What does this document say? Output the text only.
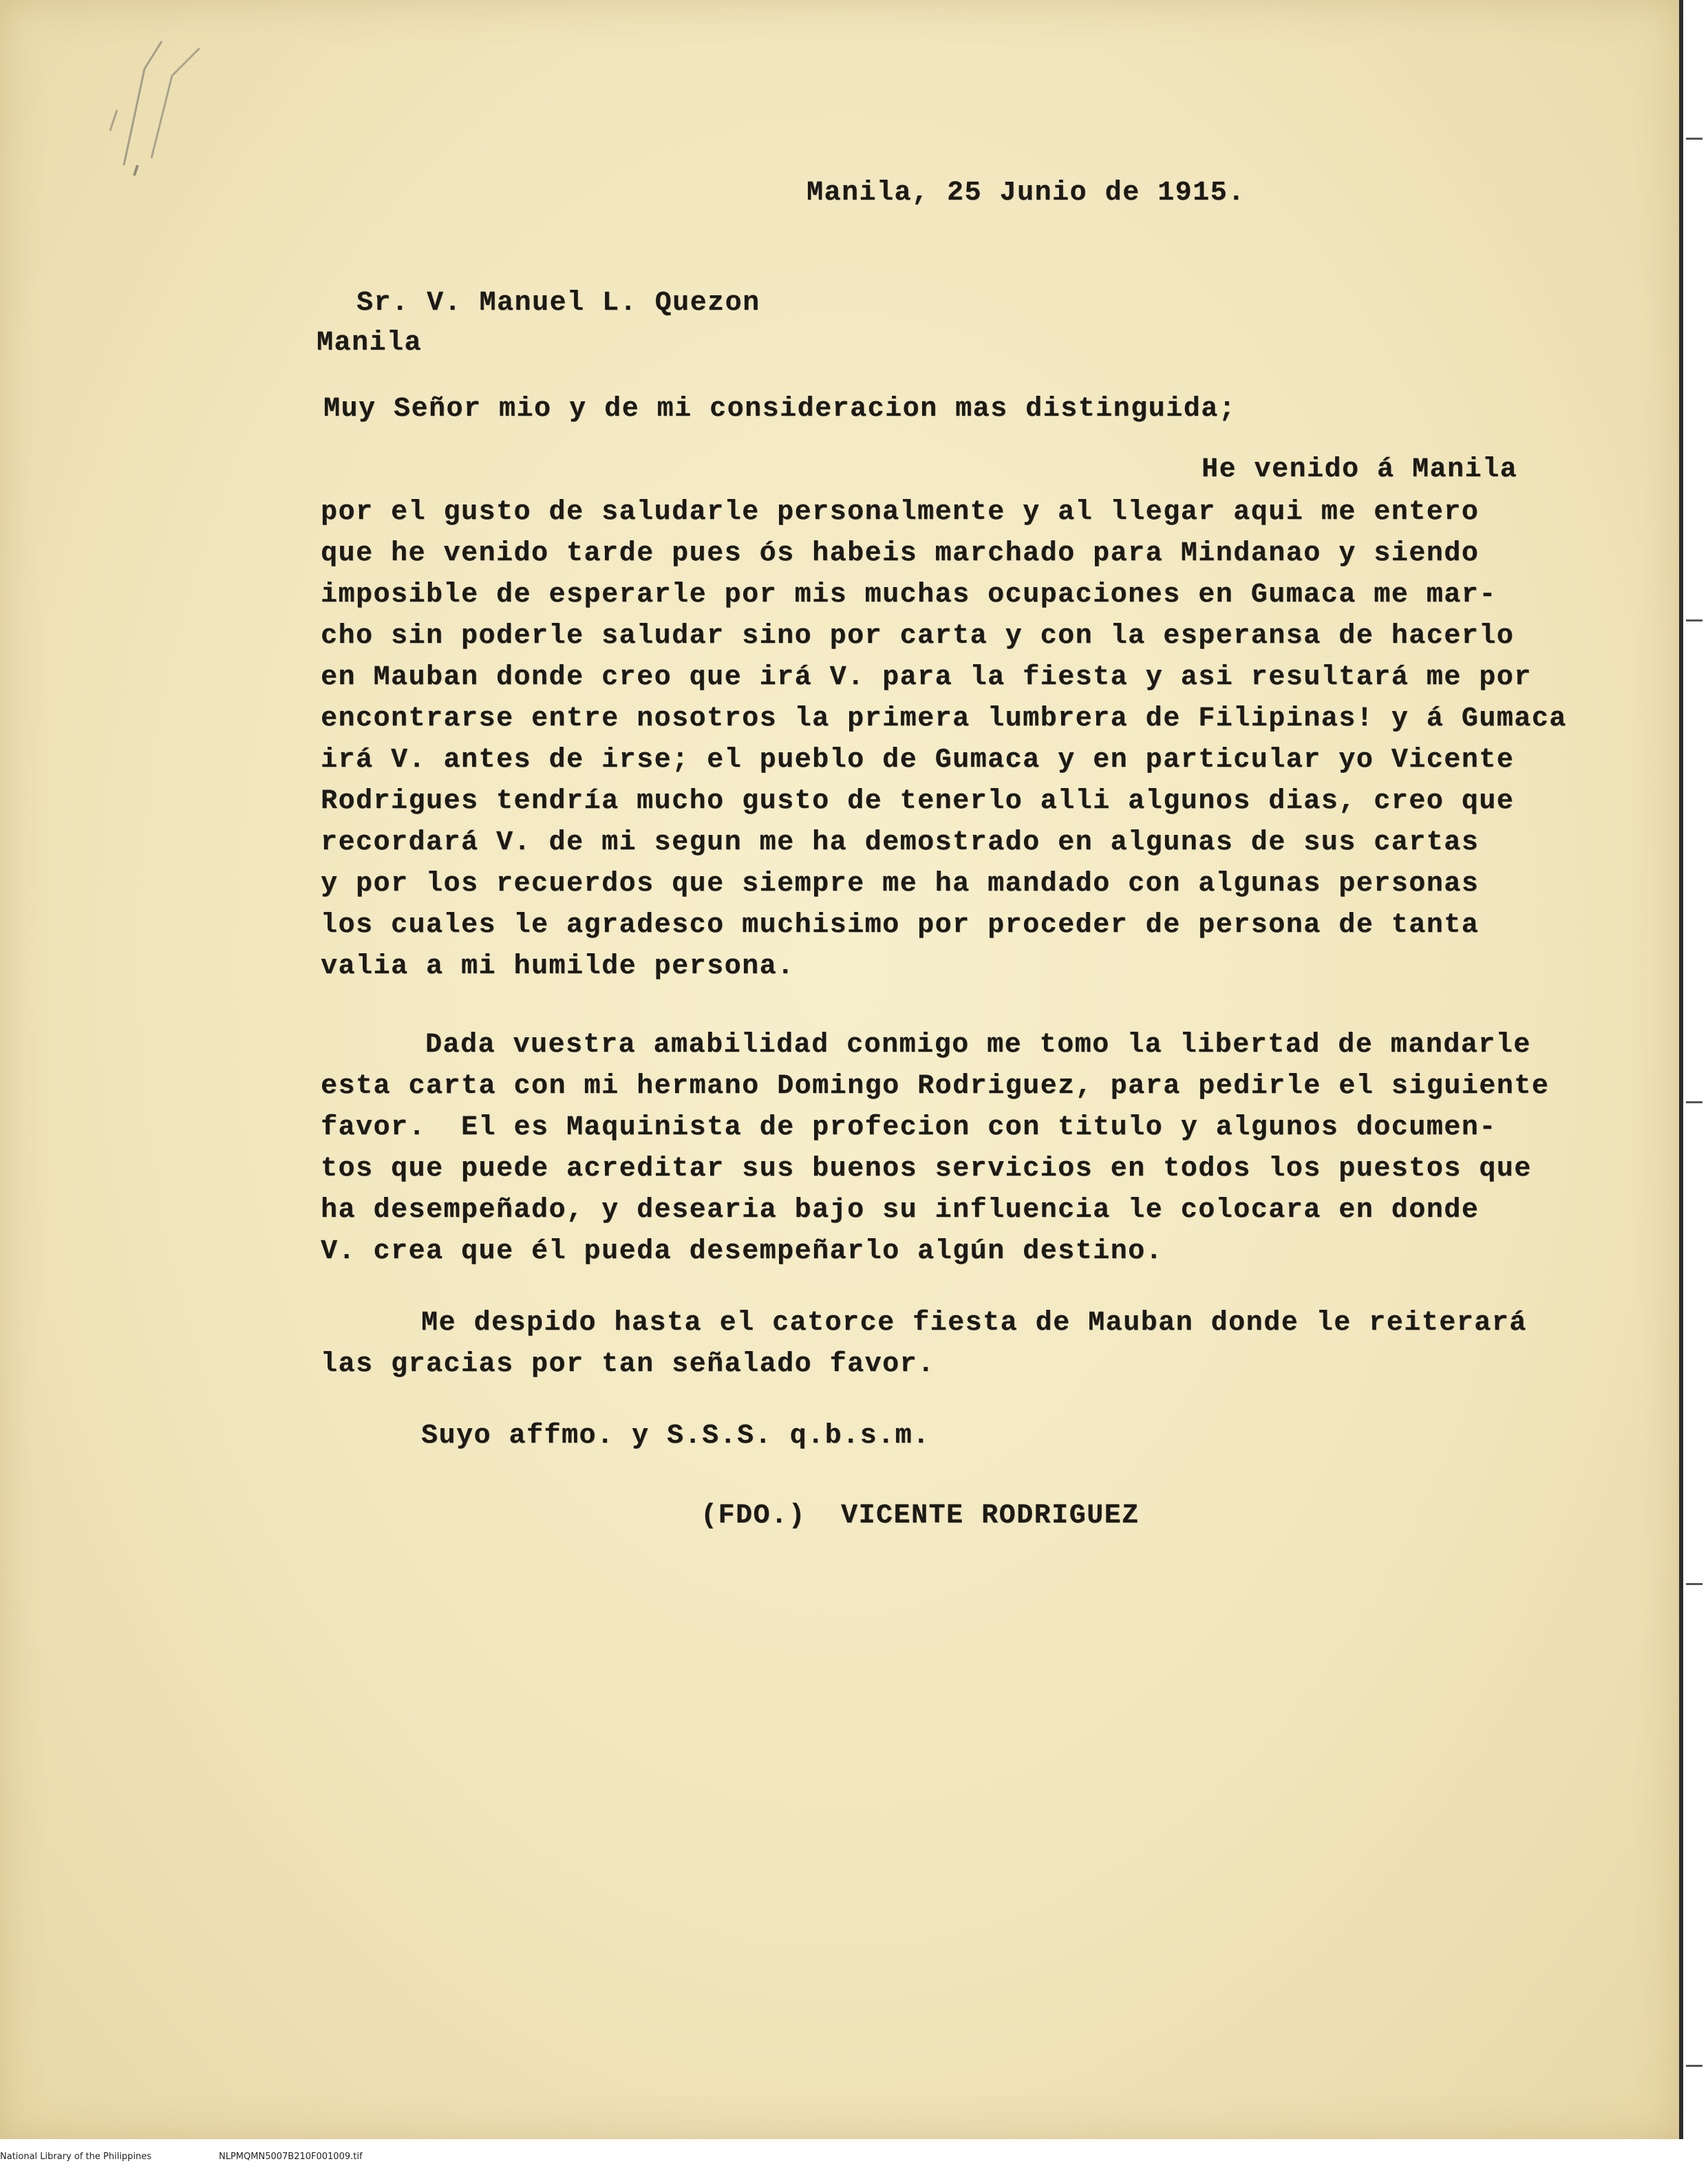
Manila, 25 Junio de 1915.
Sr. V. Manuel L. Quezon
Manila
Muy Señor mio y de mi consideracion mas distinguida;
He venido á Manila
por el gusto de saludarle personalmente y al llegar aqui me entero
que he venido tarde pues ós habeis marchado para Mindanao y siendo
imposible de esperarle por mis muchas ocupaciones en Gumaca me mar-
cho sin poderle saludar sino por carta y con la esperansa de hacerlo
en Mauban donde creo que irá V. para la fiesta y asi resultará me por
encontrarse entre nosotros la primera lumbrera de Filipinas! y á Gumaca
irá V. antes de irse; el pueblo de Gumaca y en particular yo Vicente
Rodrigues tendría mucho gusto de tenerlo alli algunos dias, creo que
recordará V. de mi segun me ha demostrado en algunas de sus cartas
y por los recuerdos que siempre me ha mandado con algunas personas
los cuales le agradesco muchisimo por proceder de persona de tanta
valia a mi humilde persona.
Dada vuestra amabilidad conmigo me tomo la libertad de mandarle
esta carta con mi hermano Domingo Rodriguez, para pedirle el siguiente
favor.  El es Maquinista de profecion con titulo y algunos documen-
tos que puede acreditar sus buenos servicios en todos los puestos que
ha desempeñado, y desearia bajo su influencia le colocara en donde
V. crea que él pueda desempeñarlo algún destino.
Me despido hasta el catorce fiesta de Mauban donde le reiterará
las gracias por tan señalado favor.
Suyo affmo. y S.S.S. q.b.s.m.
(FDO.)  VICENTE RODRIGUEZ

National Library of the Philippines

	NLPMQMN5007B210F001009.tif
